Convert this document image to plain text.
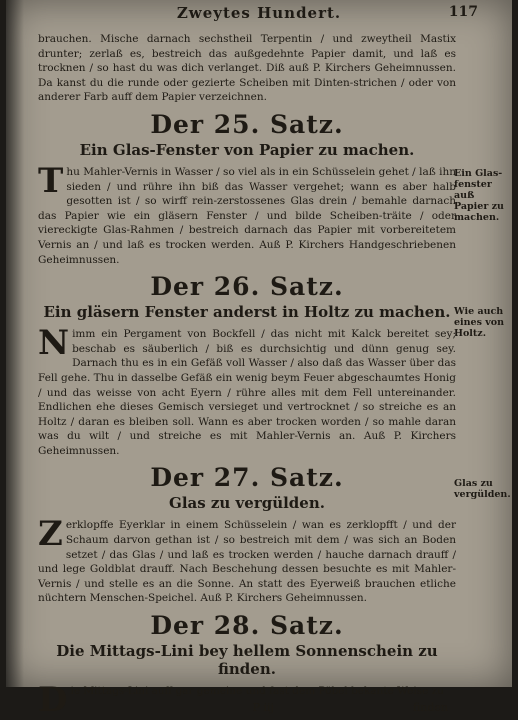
Zweytes Hundert.	117

brauchen. Mische darnach sechstheil Terpentin / und zweytheil Mastix drunter; zerlaß es, bestreich das außgedehnte Papier damit, und laß es trocknen / so hast du was dich verlanget. Diß auß P. Kirchers Geheimnussen. Da kanst du die runde oder gezierte Scheiben mit Dinten-strichen / oder von anderer Farb auff dem Papier verzeichnen.

Der 25. Satz.
Ein Glas-Fenster von Papier zu machen.

Thu Mahler-Vernis in Wasser / so viel als in ein Schüsselein gehet / laß ihn sieden / und rühre ihn biß das Wasser vergehet; wann es aber halb gesotten ist / so wirff rein-zerstossenes Glas drein / bemahle darnach das Papier wie ein gläsern Fenster / und bilde Scheiben-träite / oder viereckigte Glas-Rahmen / bestreich darnach das Papier mit vorbereitetem Vernis an / und laß es trocken werden. Auß P. Kirchers Handgeschriebenen Geheimnussen.

Der 26. Satz.
Ein gläsern Fenster anderst in Holtz zu machen.

Nimm ein Pergament von Bockfell / das nicht mit Kalck bereitet sey; beschab es säuberlich / biß es durchsichtig und dünn genug sey. Darnach thu es in ein Gefäß voll Wasser / also daß das Wasser über das Fell gehe. Thu in dasselbe Gefäß ein wenig beym Feuer abgeschaumtes Honig / und das weisse von acht Eyern / rühre alles mit dem Fell untereinander. Endlichen ehe dieses Gemisch versieget und vertrocknet / so streiche es an Holtz / daran es bleiben soll. Wann es aber trocken worden / so mahle daran was du wilt / und streiche es mit Mahler-Vernis an. Auß P. Kirchers Geheimnussen.

Der 27. Satz.
Glas zu vergülden.

Zerklopffe Eyerklar in einem Schüsselein / wan es zerklopfft / und der Schaum darvon gethan ist / so bestreich mit dem / was sich an Boden setzet / das Glas / und laß es trocken werden / hauche darnach drauff / und lege Goldblat drauff. Nach Beschehung dessen besuchte es mit Mahler-Vernis / und stelle es an die Sonne. An statt des Eyerweiß brauchen etliche nüchtern Menschen-Speichel. Auß P. Kirchers Geheimnussen.

Der 28. Satz.
Die Mittags-Lini bey hellem Sonnenschein zu finden.

Die Mittags-Lini auff gar gemeine und fast dem Pöbel bekante Weise zu

P iij	finden
Ein Glas-fenster auß Papier zu machen.
Wie auch eines von Holtz.
Glas zu vergülden.
